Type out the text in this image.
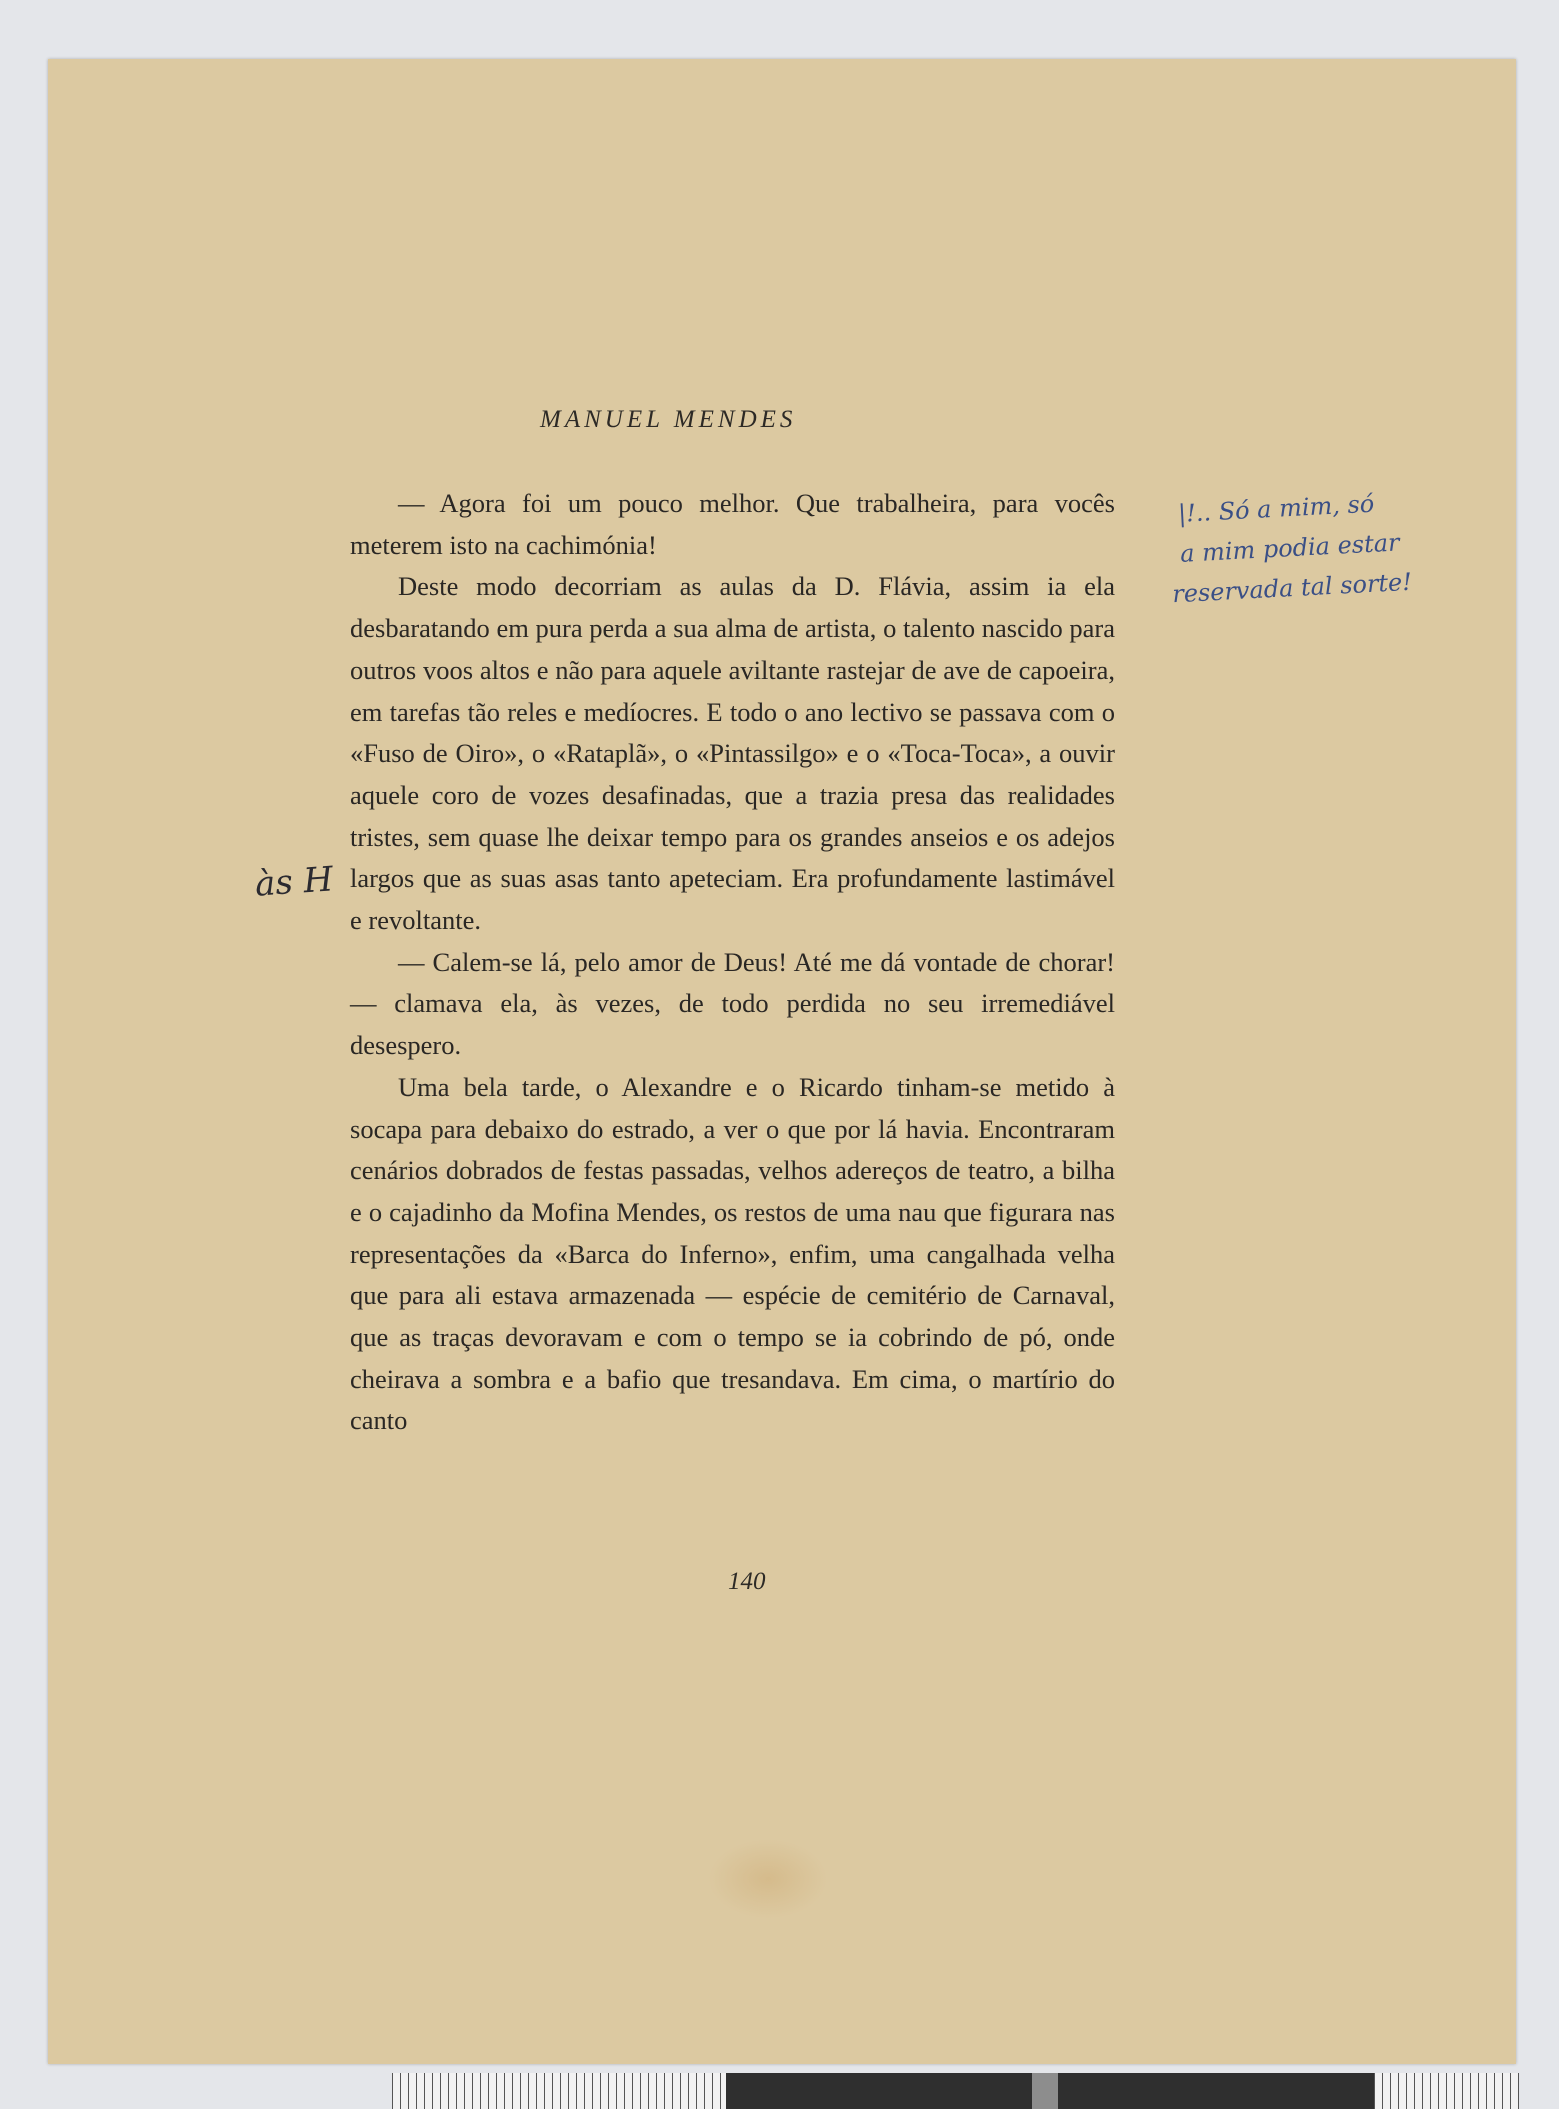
MANUEL MENDES

— Agora foi um pouco melhor. Que trabalheira, para vocês meterem isto na cachimónia!

Deste modo decorriam as aulas da D. Flávia, assim ia ela desbaratando em pura perda a sua alma de artista, o talento nascido para outros voos altos e não para aquele aviltante rastejar de ave de capoeira, em tarefas tão reles e medíocres. E todo o ano lectivo se passava com o «Fuso de Oiro», o «Rataplã», o «Pintassilgo» e o «Toca-Toca», a ouvir aquele coro de vozes desafinadas, que a trazia presa das realidades tristes, sem quase lhe deixar tempo para os grandes anseios e os adejos largos que as suas asas tanto apeteciam. Era profundamente lastimável e revoltante.

— Calem-se lá, pelo amor de Deus! Até me dá vontade de chorar! — clamava ela, às vezes, de todo perdida no seu irremediável desespero.

Uma bela tarde, o Alexandre e o Ricardo tinham-se metido à socapa para debaixo do estrado, a ver o que por lá havia. Encontraram cenários dobrados de festas passadas, velhos adereços de teatro, a bilha e o cajadinho da Mofina Mendes, os restos de uma nau que figurara nas representações da «Barca do Inferno», enfim, uma cangalhada velha que para ali estava armazenada — espécie de cemitério de Carnaval, que as traças devoravam e com o tempo se ia cobrindo de pó, onde cheirava a sombra e a bafio que tresandava. Em cima, o martírio do canto

140
|!.. Só a mim, só
a mim podia estar
reservada tal sorte!
às H
